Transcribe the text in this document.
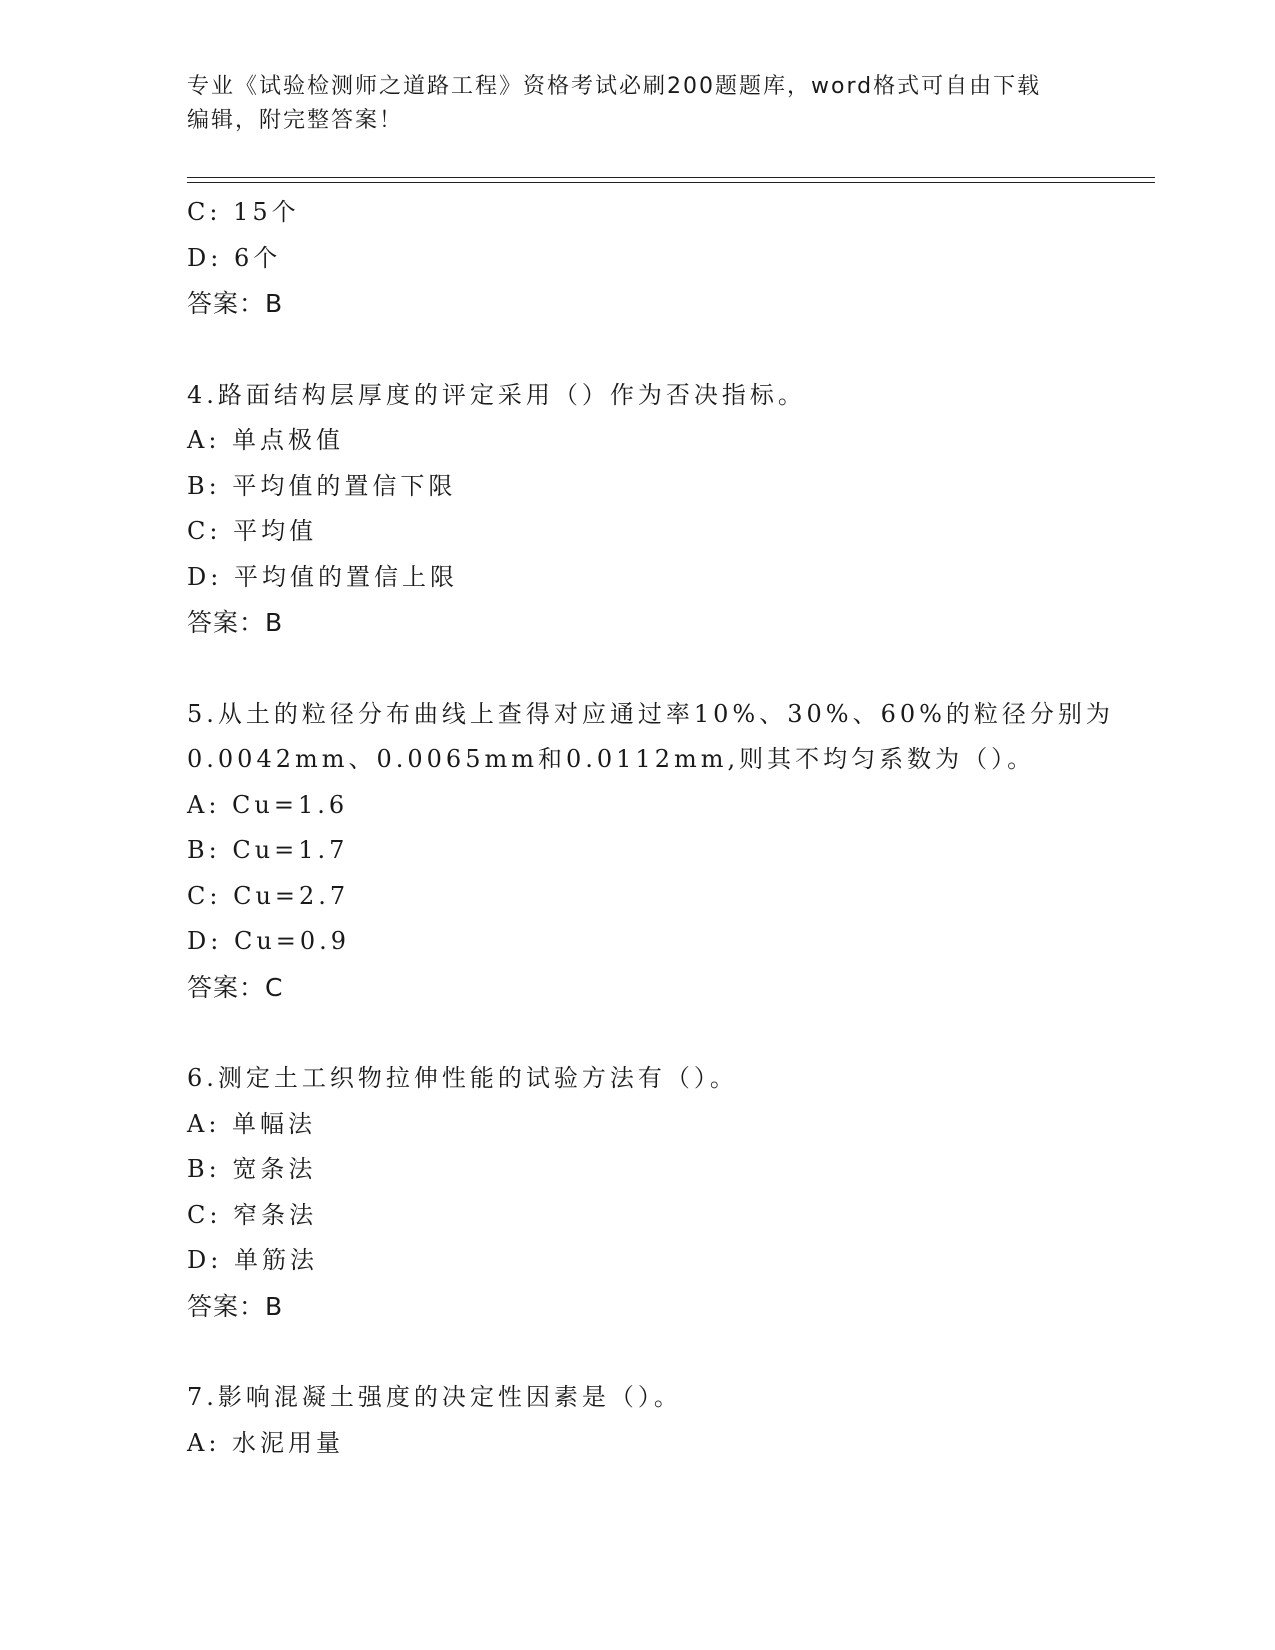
专业《试验检测师之道路工程》资格考试必刷200题题库，word格式可自由下载
编辑，附完整答案！
C: 15个
D: 6个
答案：B
4.路面结构层厚度的评定采用（）作为否决指标。
A: 单点极值
B: 平均值的置信下限
C: 平均值
D: 平均值的置信上限
答案：B
5.从土的粒径分布曲线上查得对应通过率10%、30%、60%的粒径分别为
0.0042mm、0.0065mm和0.0112mm,则其不均匀系数为（）。
A: Cu=1.6
B: Cu=1.7
C: Cu=2.7
D: Cu=0.9
答案：C
6.测定土工织物拉伸性能的试验方法有（）。
A: 单幅法
B: 宽条法
C: 窄条法
D: 单筋法
答案：B
7.影响混凝土强度的决定性因素是（）。
A: 水泥用量
